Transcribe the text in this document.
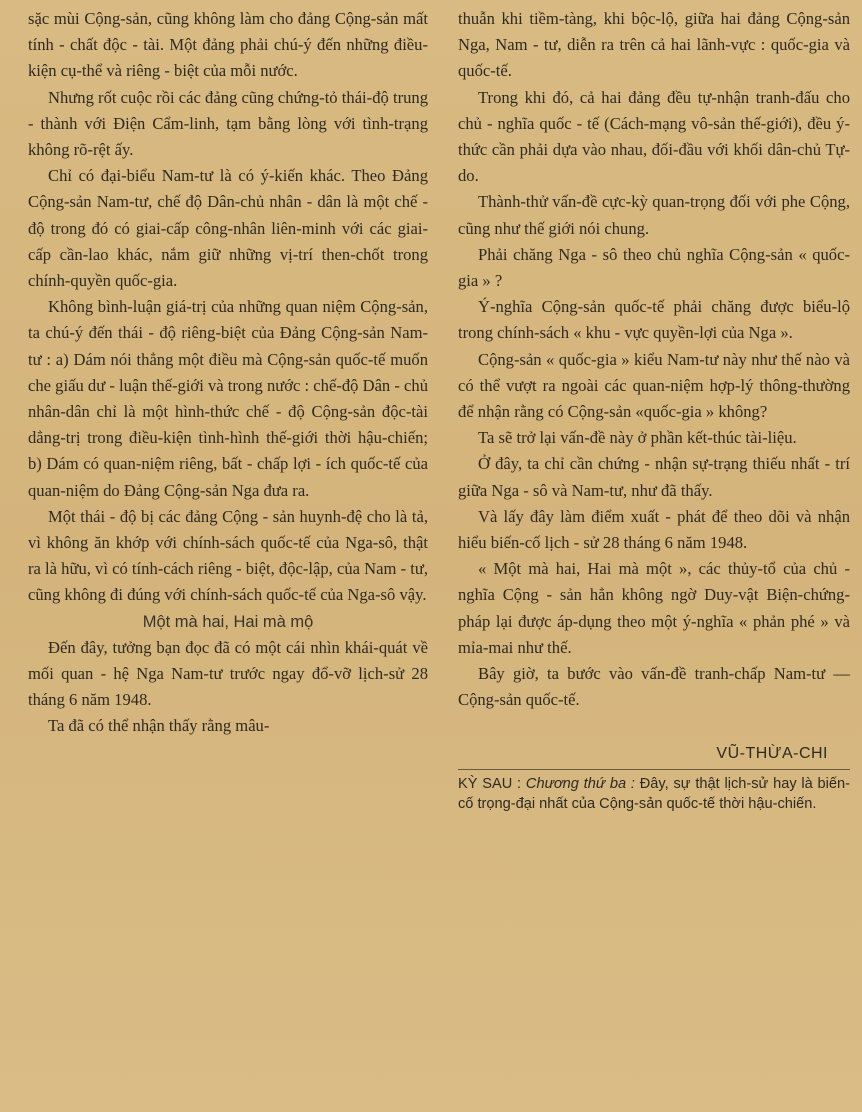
sặc mùi Cộng-sản, cũng không làm cho đảng Cộng-sản mất tính - chất độc - tài. Một đảng phải chú-ý đến những điều-kiện cụ-thể và riêng - biệt của mỗi nước.

Nhưng rốt cuộc rồi các đảng cũng chứng-tỏ thái-độ trung - thành với Điện Cẩm-linh, tạm bằng lòng với tình-trạng không rõ-rệt ấy.

Chỉ có đại-biểu Nam-tư là có ý-kiến khác. Theo Đảng Cộng-sản Nam-tư, chế độ Dân-chủ nhân - dân là một chế - độ trong đó có giai-cấp công-nhân liên-minh với các giai-cấp cần-lao khác, nắm giữ những vị-trí then-chốt trong chính-quyền quốc-gia.

Không bình-luận giá-trị của những quan niệm Cộng-sản, ta chú-ý đến thái - độ riêng-biệt của Đảng Cộng-sản Nam-tư : a) Dám nói thẳng một điều mà Cộng-sản quốc-tế muốn che giấu dư - luận thế-giới và trong nước : chế-độ Dân - chủ nhân-dân chỉ là một hình-thức chế - độ Cộng-sản độc-tài dẳng-trị trong điều-kiện tình-hình thế-giới thời hậu-chiến; b) Dám có quan-niệm riêng, bất - chấp lợi - ích quốc-tế của quan-niệm do Đảng Cộng-sản Nga đưa ra.

Một thái - độ bị các đảng Cộng - sản huynh-đệ cho là tả, vì không ăn khớp với chính-sách quốc-tế của Nga-sô, thật ra là hữu, vì có tính-cách riêng - biệt, độc-lập, của Nam - tư, cũng không đi đúng với chính-sách quốc-tế của Nga-sô vậy.

Một mà hai, Hai mà mộ

Đến đây, tưởng bạn đọc đã có một cái nhìn khái-quát về mối quan - hệ Nga Nam-tư trước ngay đổ-vỡ lịch-sử 28 tháng 6 năm 1948.

Ta đã có thể nhận thấy rằng mâu-

thuẫn khi tiềm-tàng, khi bộc-lộ, giữa hai đảng Cộng-sản Nga, Nam - tư, diễn ra trên cả hai lãnh-vực : quốc-gia và quốc-tế.

Trong khi đó, cả hai đảng đều tự-nhận tranh-đấu cho chủ - nghĩa quốc - tế (Cách-mạng vô-sản thế-giới), đều ý-thức cần phải dựa vào nhau, đối-đầu với khối dân-chủ Tự-do.

Thành-thử vấn-đề cực-kỳ quan-trọng đối với phe Cộng, cũng như thế giới nói chung.

Phải chăng Nga - sô theo chủ nghĩa Cộng-sản « quốc-gia » ?

Ý-nghĩa Cộng-sản quốc-tế phải chăng được biểu-lộ trong chính-sách « khu - vực quyền-lợi của Nga ».

Cộng-sản « quốc-gia » kiểu Nam-tư này như thế nào và có thể vượt ra ngoài các quan-niệm hợp-lý thông-thường để nhận rằng có Cộng-sản «quốc-gia » không?

Ta sẽ trở lại vấn-đề này ở phần kết-thúc tài-liệu.

Ở đây, ta chỉ cần chứng - nhận sự-trạng thiếu nhất - trí giữa Nga - sô và Nam-tư, như đã thấy.

Và lấy đây làm điểm xuất - phát để theo dõi và nhận hiểu biến-cố lịch - sử 28 tháng 6 năm 1948.

« Một mà hai, Hai mà một », các thủy-tổ của chủ - nghĩa Cộng - sản hẳn không ngờ Duy-vật Biện-chứng-pháp lại được áp-dụng theo một ý-nghĩa « phản phé » và mỉa-mai như thế.

Bây giờ, ta bước vào vấn-đề tranh-chấp Nam-tư — Cộng-sản quốc-tế.

VŨ-THỪA-CHI
KỲ SAU : Chương thứ ba : Đây, sự thật lịch-sử hay là biến-cố trọng-đại nhất của Cộng-sản quốc-tế thời hậu-chiến.
